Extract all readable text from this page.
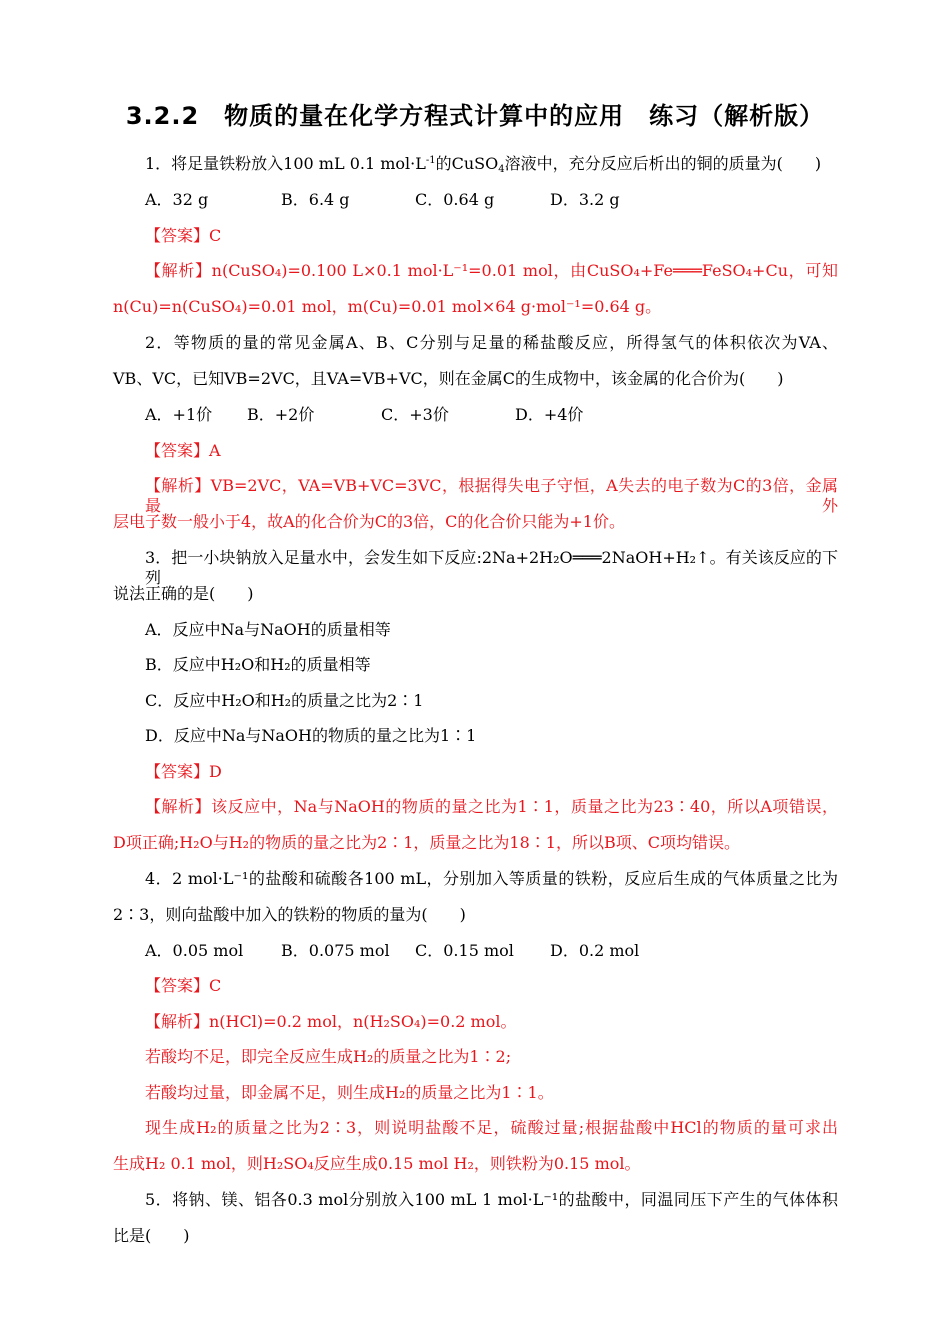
3.2.2　物质的量在化学方程式计算中的应用　练习（解析版）
1．将足量铁粉放入100 mL 0.1 $mol\cdot L^{-1}$的CuSO$_4$溶液中，充分反应后析出的铜的质量为(　　)
A．32 g	B．6.4 g	C．0.64 g	D．3.2 g
【答案】C
【解析】n(CuSO₄)=0.100 L×0.1 mol·L⁻¹=0.01 mol，由CuSO₄+Fe═══FeSO₄+Cu，可知
n(Cu)=n(CuSO₄)=0.01 mol，m(Cu)=0.01 mol×64 g·mol⁻¹=0.64 g。
2．等物质的量的常见金属A、B、C分别与足量的稀盐酸反应，所得氢气的体积依次为VA、
VB、VC，已知VB=2VC，且VA=VB+VC，则在金属C的生成物中，该金属的化合价为(　　)
A．+1价 B．+2价	C．+3价	D．+4价
【答案】A
【解析】VB=2VC，VA=VB+VC=3VC，根据得失电子守恒，A失去的电子数为C的3倍，金属最外
层电子数一般小于4，故A的化合价为C的3倍，C的化合价只能为+1价。
3．把一小块钠放入足量水中，会发生如下反应:2Na+2H₂O═══2NaOH+H₂↑。有关该反应的下列
说法正确的是(　　)
A．反应中Na与NaOH的质量相等
B．反应中H₂O和H₂的质量相等
C．反应中H₂O和H₂的质量之比为2∶1
D．反应中Na与NaOH的物质的量之比为1∶1
【答案】D
【解析】该反应中，Na与NaOH的物质的量之比为1∶1，质量之比为23∶40，所以A项错误，
D项正确;H₂O与H₂的物质的量之比为2∶1，质量之比为18∶1，所以B项、C项均错误。
4．2 mol·L⁻¹的盐酸和硫酸各100 mL，分别加入等质量的铁粉，反应后生成的气体质量之比为
2∶3，则向盐酸中加入的铁粉的物质的量为(　　)
A．0.05 mol B．0.075 mol C．0.15 mol D．0.2 mol
【答案】C
【解析】n(HCl)=0.2 mol，n(H₂SO₄)=0.2 mol。
若酸均不足，即完全反应生成H₂的质量之比为1∶2;
若酸均过量，即金属不足，则生成H₂的质量之比为1∶1。
现生成H₂的质量之比为2∶3，则说明盐酸不足，硫酸过量;根据盐酸中HCl的物质的量可求出
生成H₂ 0.1 mol，则H₂SO₄反应生成0.15 mol H₂，则铁粉为0.15 mol。
5．将钠、镁、铝各0.3 mol分别放入100 mL 1 mol·L⁻¹的盐酸中，同温同压下产生的气体体积
比是(　　)
